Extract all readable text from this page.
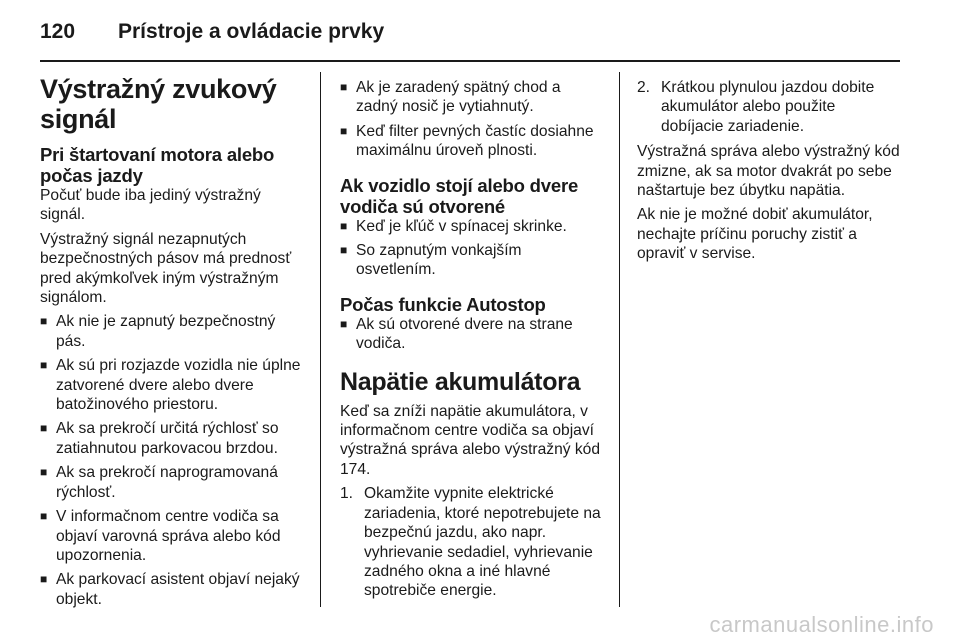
120 Prístroje a ovládacie prvky
Výstražný zvukový signál
Pri štartovaní motora alebo počas jazdy

Počuť bude iba jediný výstražný signál.

Výstražný signál nezapnutých bezpečnostných pásov má prednosť pred akýmkoľvek iným výstražným signálom.

■ Ak nie je zapnutý bezpečnostný pás.
■ Ak sú pri rozjazde vozidla nie úplne zatvorené dvere alebo dvere batožinového priestoru.
■ Ak sa prekročí určitá rýchlosť so zatiahnutou parkovacou brzdou.
■ Ak sa prekročí naprogramovaná rýchlosť.
■ V informačnom centre vodiča sa objaví varovná správa alebo kód upozornenia.
■ Ak parkovací asistent objaví nejaký objekt.
■ Ak je zaradený spätný chod a zadný nosič je vytiahnutý.
■ Keď filter pevných častíc dosiahne maximálnu úroveň plnosti.
Ak vozidlo stojí alebo dvere vodiča sú otvorené
■ Keď je kľúč v spínacej skrinke.
■ So zapnutým vonkajším osvetlením.
Počas funkcie Autostop
■ Ak sú otvorené dvere na strane vodiča.
Napätie akumulátora

Keď sa zníži napätie akumulátora, v informačnom centre vodiča sa objaví výstražná správa alebo výstražný kód 174.

1. Okamžite vypnite elektrické zariadenia, ktoré nepotrebujete na bezpečnú jazdu, ako napr. vyhrievanie sedadiel, vyhrievanie zadného okna a iné hlavné spotrebiče energie.
2. Krátkou plynulou jazdou dobite akumulátor alebo použite dobíjacie zariadenie.

Výstražná správa alebo výstražný kód zmizne, ak sa motor dvakrát po sebe naštartuje bez úbytku napätia.

Ak nie je možné dobiť akumulátor, nechajte príčinu poruchy zistiť a opraviť v servise.

carmanualsonline.info
